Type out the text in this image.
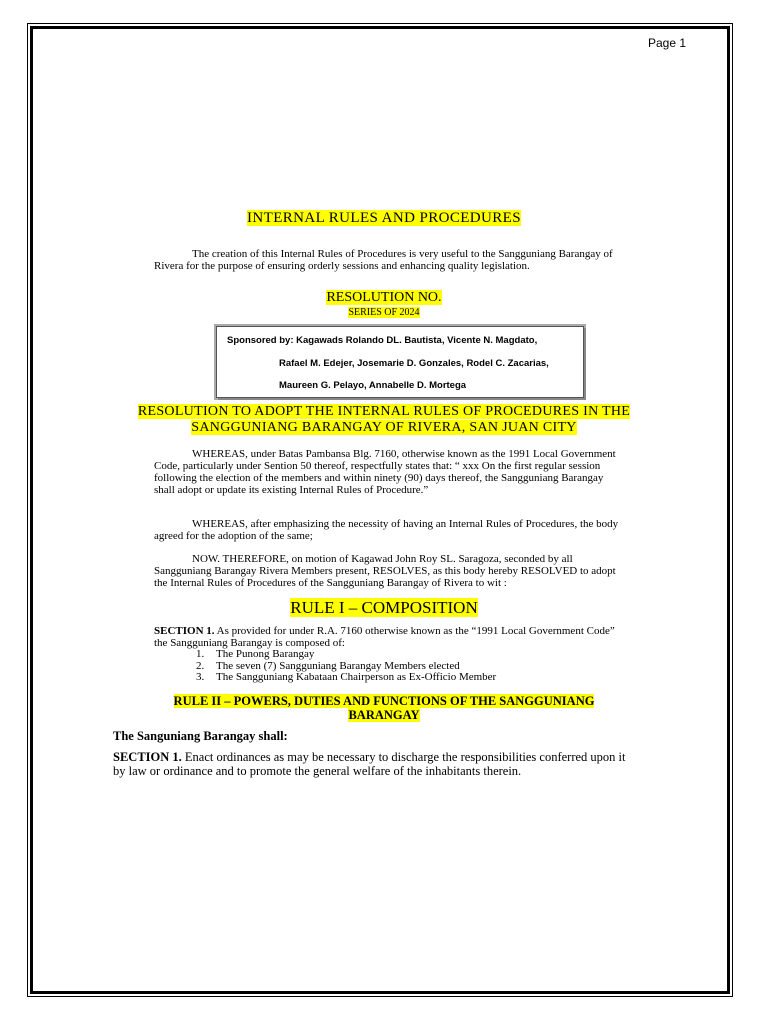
Page 1
INTERNAL RULES AND PROCEDURES
The creation of this Internal Rules of Procedures is very useful to the Sangguniang Barangay of Rivera for the purpose of ensuring orderly sessions and enhancing quality legislation.
RESOLUTION NO.
SERIES OF 2024
Sponsored by: Kagawads Rolando DL. Bautista, Vicente N. Magdato,
Rafael M. Edejer, Josemarie D. Gonzales, Rodel C. Zacarias,
Maureen G. Pelayo, Annabelle D. Mortega
RESOLUTION TO ADOPT THE INTERNAL RULES OF PROCEDURES IN THE
SANGGUNIANG BARANGAY OF RIVERA, SAN JUAN CITY
WHEREAS, under Batas Pambansa Blg. 7160, otherwise known as the 1991 Local Government Code, particularly under Sention 50 thereof, respectfully states that: “ xxx On the first regular session following the election of the members and within ninety (90) days thereof, the Sangguniang Barangay shall adopt or update its existing Internal Rules of Procedure.”
WHEREAS, after emphasizing the necessity of having an Internal Rules of Procedures, the body agreed for the adoption of the same;
NOW. THEREFORE, on motion of Kagawad John Roy SL. Saragoza, seconded by all Sangguniang Barangay Rivera Members present, RESOLVES, as this body hereby RESOLVED to adopt the Internal Rules of Procedures of the Sangguniang Barangay of Rivera to wit :
RULE I – COMPOSITION
SECTION 1. As provided for under R.A. 7160 otherwise known as the “1991 Local Government Code” the Sangguniang Barangay is composed of:
1. The Punong Barangay
2. The seven (7) Sangguniang Barangay Members elected
3. The Sangguniang Kabataan Chairperson as Ex-Officio Member
RULE II – POWERS, DUTIES AND FUNCTIONS OF THE SANGGUNIANG
BARANGAY
The Sanguniang Barangay shall:
SECTION 1. Enact ordinances as may be necessary to discharge the responsibilities conferred upon it by law or ordinance and to promote the general welfare of the inhabitants therein.
